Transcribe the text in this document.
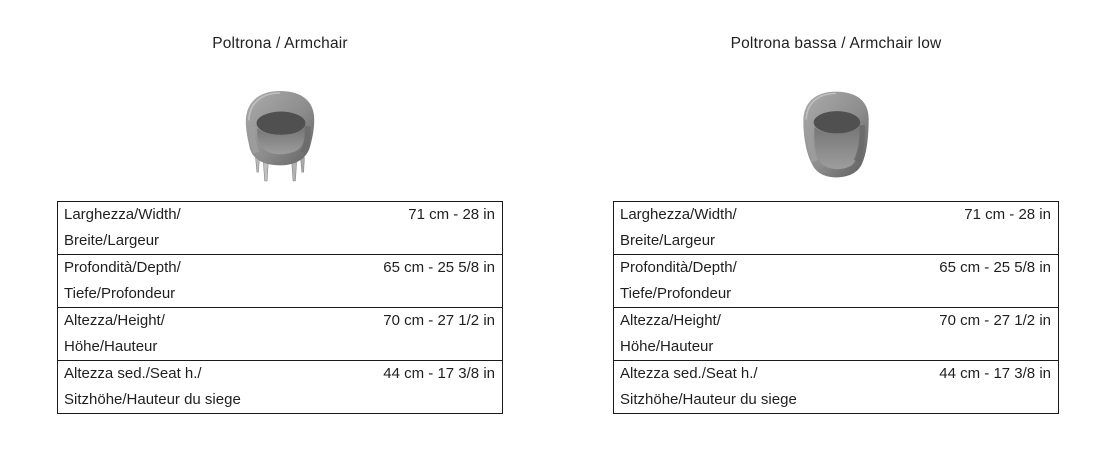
Poltrona / Armchair
Larghezza/Width/
Breite/Largeur	71 cm - 28 in

Profondità/Depth/
Tiefe/Profondeur	65 cm - 25 5/8 in

Altezza/Height/
Höhe/Hauteur	70 cm - 27 1/2 in

Altezza sed./Seat h./
Sitzhöhe/Hauteur du siege	44 cm - 17 3/8 in
Poltrona bassa / Armchair low
Larghezza/Width/
Breite/Largeur	71 cm - 28 in

Profondità/Depth/
Tiefe/Profondeur	65 cm - 25 5/8 in

Altezza/Height/
Höhe/Hauteur	70 cm - 27 1/2 in

Altezza sed./Seat h./
Sitzhöhe/Hauteur du siege	44 cm - 17 3/8 in
